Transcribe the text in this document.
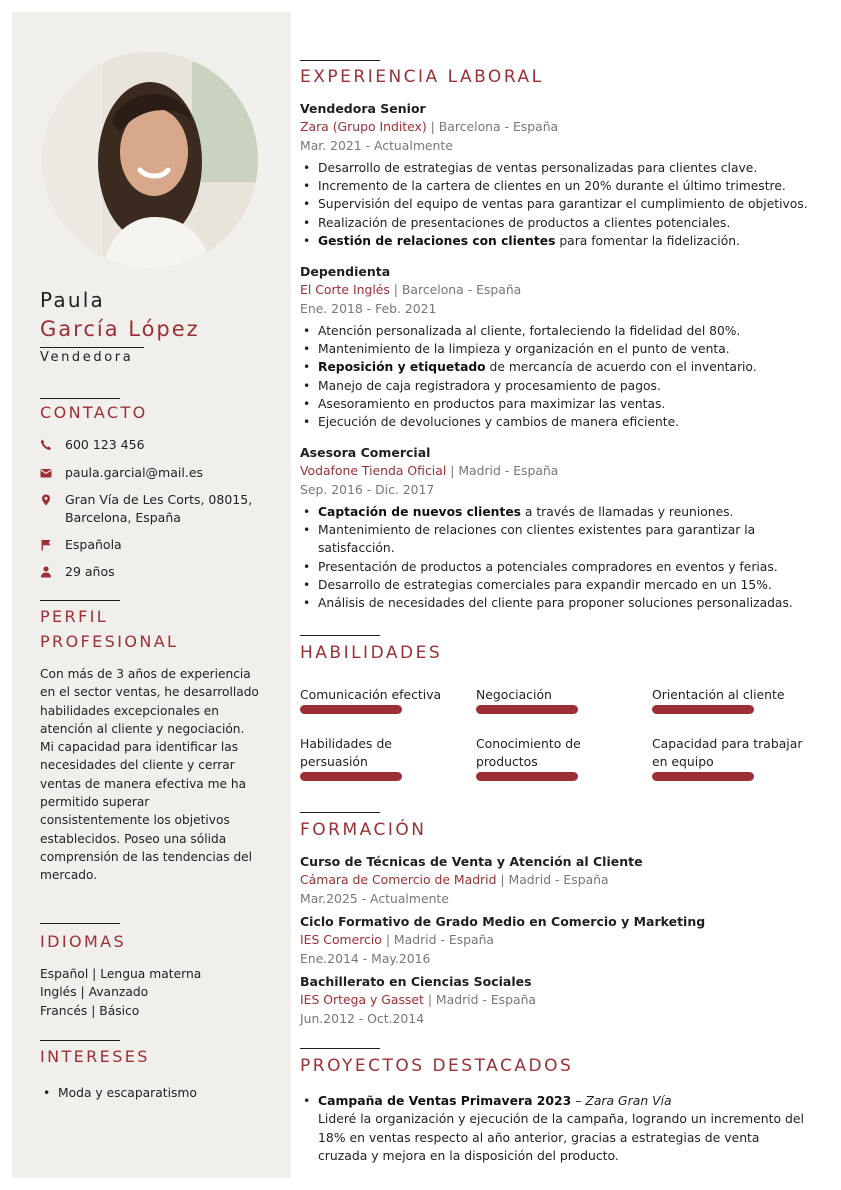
Paula
García López
Vendedora
CONTACTO
600 123 456
paula.garcial@mail.es
Gran Vía de Les Corts, 08015,
Barcelona, España
Española
29 años
PERFIL
PROFESIONAL
Con más de 3 años de experiencia en el sector ventas, he desarrollado habilidades excepcionales en atención al cliente y negociación. Mi capacidad para identificar las necesidades del cliente y cerrar ventas de manera efectiva me ha permitido superar consistentemente los objetivos establecidos. Poseo una sólida comprensión de las tendencias del mercado.
IDIOMAS
Español | Lengua materna
Inglés | Avanzado
Francés | Básico
INTERESES
• Moda y escaparatismo
EXPERIENCIA LABORAL
Vendedora Senior
Zara (Grupo Inditex) | Barcelona - España
Mar. 2021 - Actualmente
• Desarrollo de estrategias de ventas personalizadas para clientes clave.
• Incremento de la cartera de clientes en un 20% durante el último trimestre.
• Supervisión del equipo de ventas para garantizar el cumplimiento de objetivos.
• Realización de presentaciones de productos a clientes potenciales.
• Gestión de relaciones con clientes para fomentar la fidelización.
Dependienta
El Corte Inglés | Barcelona - España
Ene. 2018 - Feb. 2021
• Atención personalizada al cliente, fortaleciendo la fidelidad del 80%.
• Mantenimiento de la limpieza y organización en el punto de venta.
• Reposición y etiquetado de mercancía de acuerdo con el inventario.
• Manejo de caja registradora y procesamiento de pagos.
• Asesoramiento en productos para maximizar las ventas.
• Ejecución de devoluciones y cambios de manera eficiente.
Asesora Comercial
Vodafone Tienda Oficial | Madrid - España
Sep. 2016 - Dic. 2017
• Captación de nuevos clientes a través de llamadas y reuniones.
• Mantenimiento de relaciones con clientes existentes para garantizar la satisfacción.
• Presentación de productos a potenciales compradores en eventos y ferias.
• Desarrollo de estrategias comerciales para expandir mercado en un 15%.
• Análisis de necesidades del cliente para proponer soluciones personalizadas.
HABILIDADES
Comunicación efectiva	Negociación	Orientación al cliente
Habilidades de
persuasión
Conocimiento de
productos
Capacidad para trabajar
en equipo
FORMACIÓN
Curso de Técnicas de Venta y Atención al Cliente
Cámara de Comercio de Madrid | Madrid - España
Mar.2025 - Actualmente
Ciclo Formativo de Grado Medio en Comercio y Marketing
IES Comercio | Madrid - España
Ene.2014 - May.2016
Bachillerato en Ciencias Sociales
IES Ortega y Gasset | Madrid - España
Jun.2012 - Oct.2014
PROYECTOS DESTACADOS
• Campaña de Ventas Primavera 2023 – Zara Gran Vía
Lideré la organización y ejecución de la campaña, logrando un incremento del 18% en ventas respecto al año anterior, gracias a estrategias de venta cruzada y mejora en la disposición del producto.
